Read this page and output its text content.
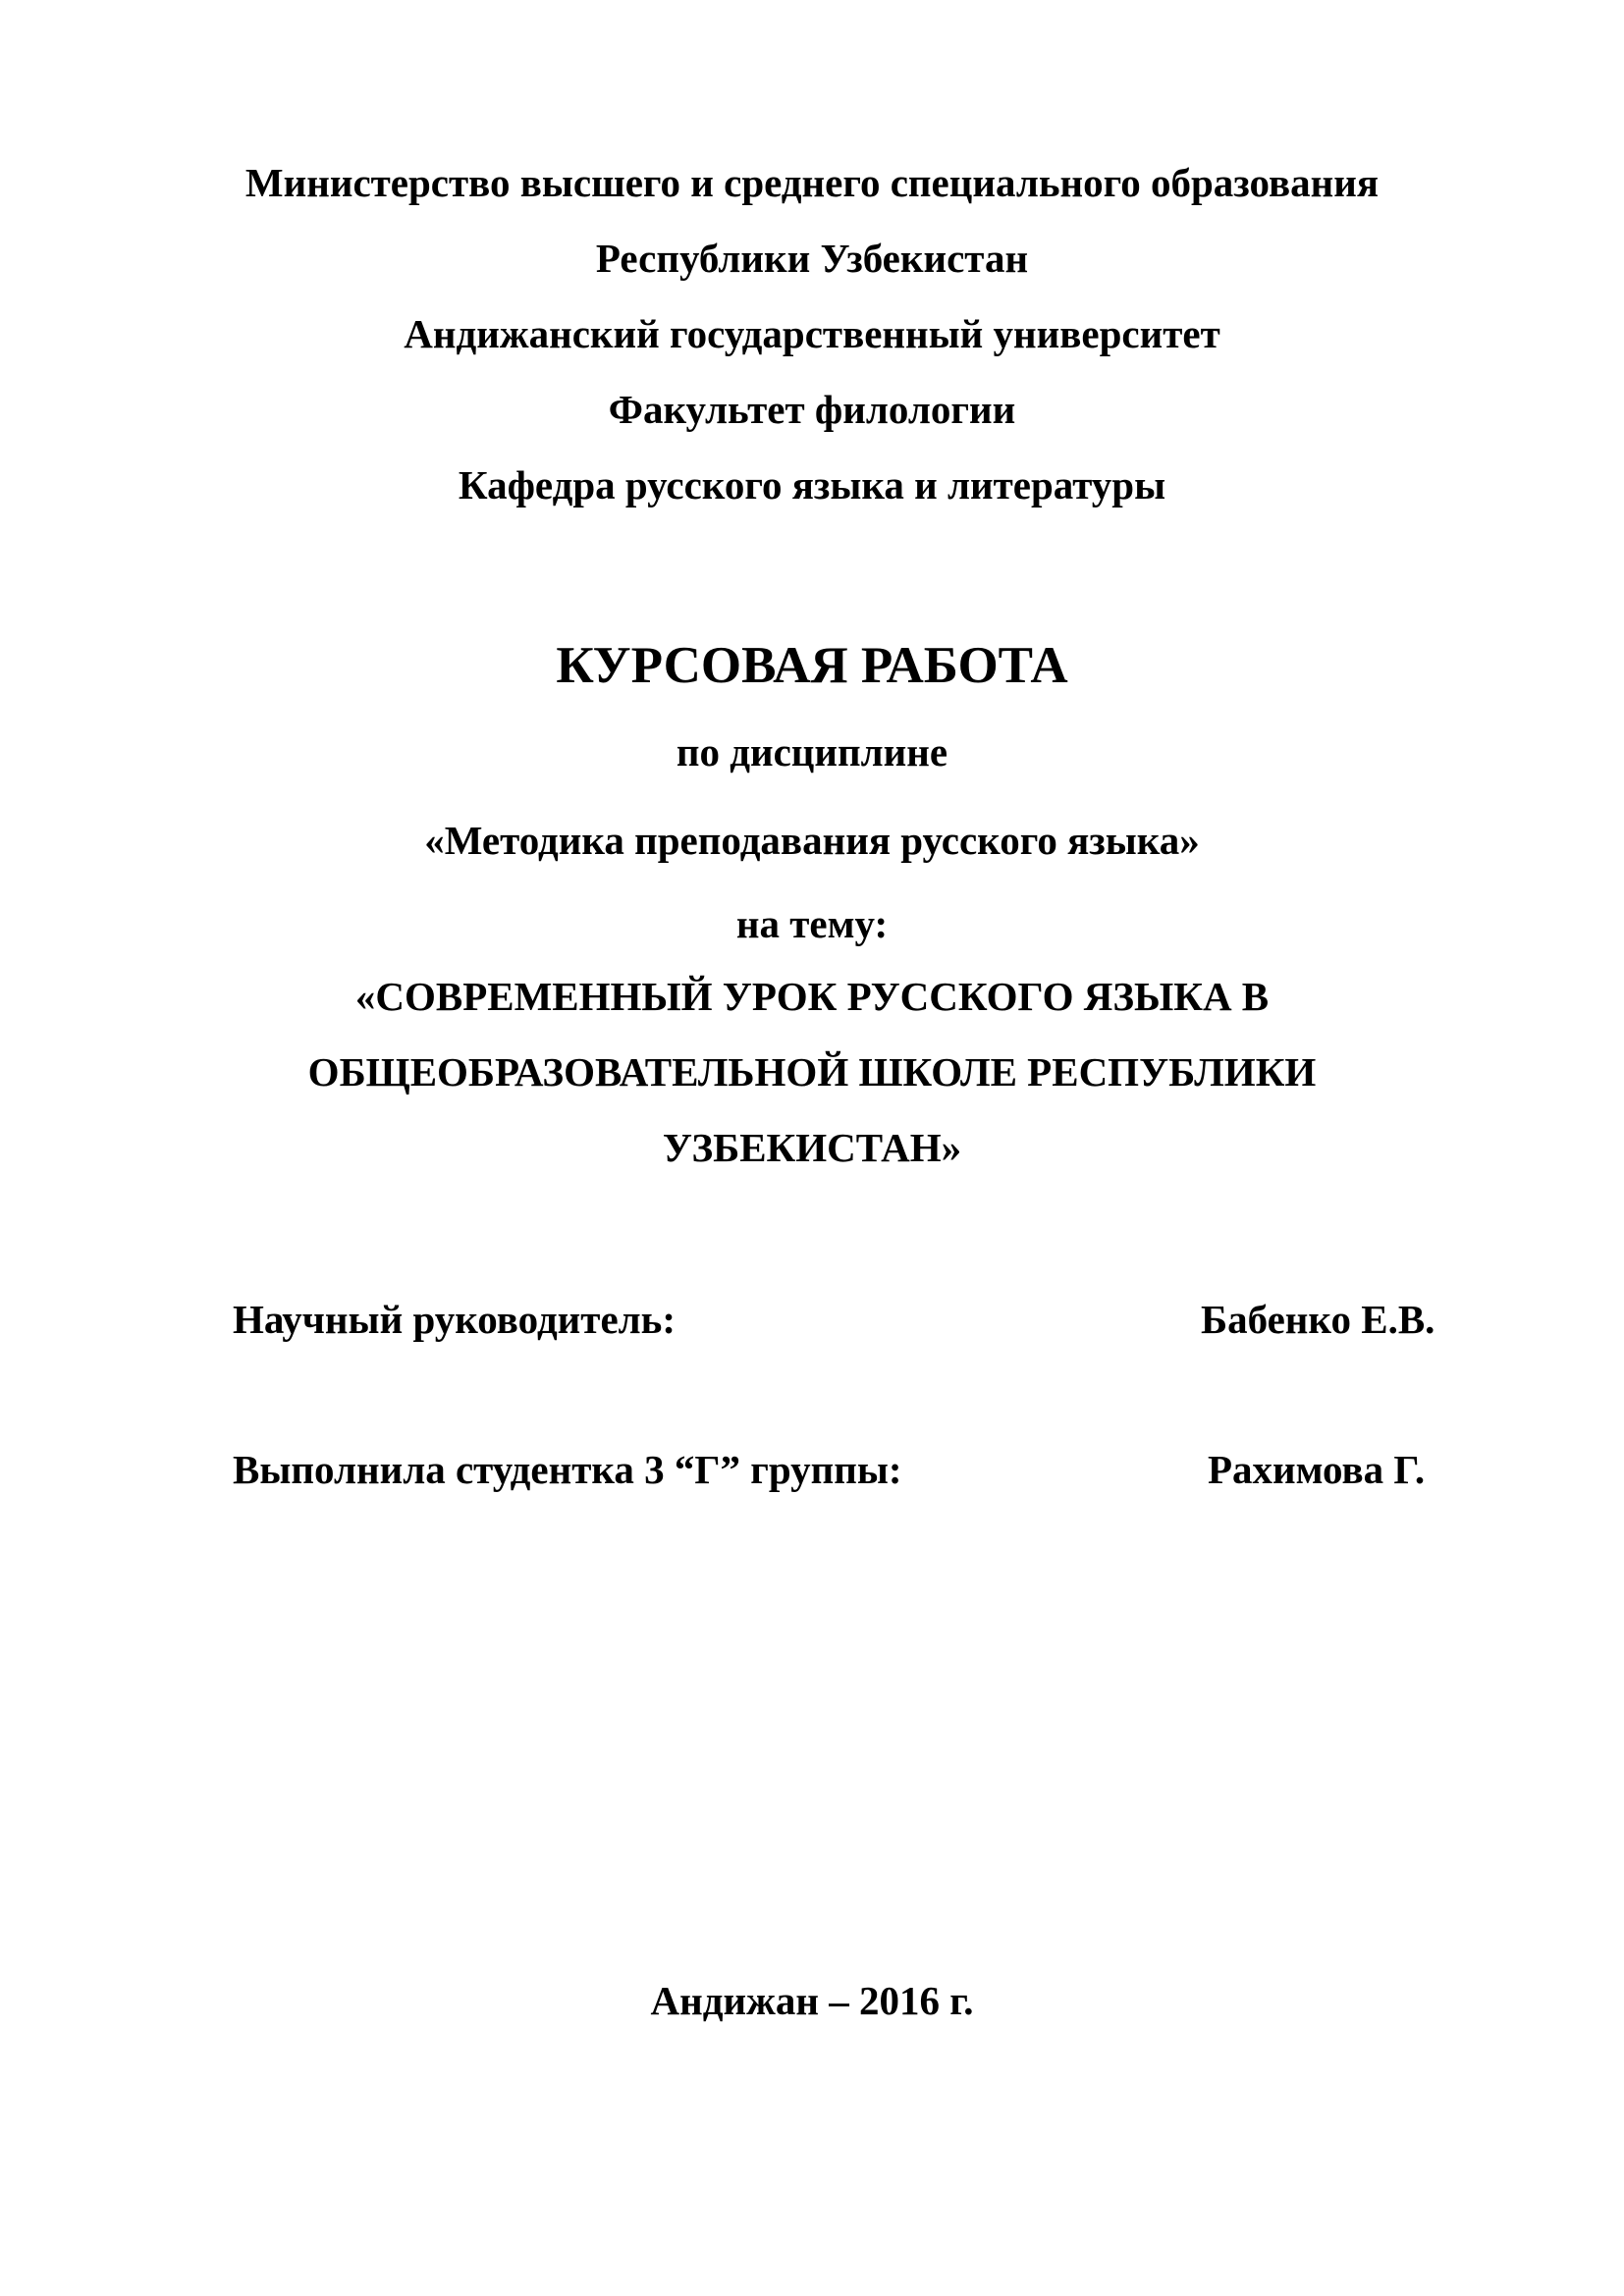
Министерство высшего и среднего специального образования
Республики Узбекистан
Андижанский государственный университет
Факультет филологии
Кафедра русского языка и литературы
КУРСОВАЯ РАБОТА
по дисциплине
«Методика преподавания русского языка»
на тему:
«СОВРЕМЕННЫЙ УРОК РУССКОГО ЯЗЫКА В
ОБЩЕОБРАЗОВАТЕЛЬНОЙ ШКОЛЕ РЕСПУБЛИКИ
УЗБЕКИСТАН»
Научный руководитель:	Бабенко Е.В.
Выполнила студентка 3 “Г” группы:	Рахимова Г.
Андижан – 2016 г.
